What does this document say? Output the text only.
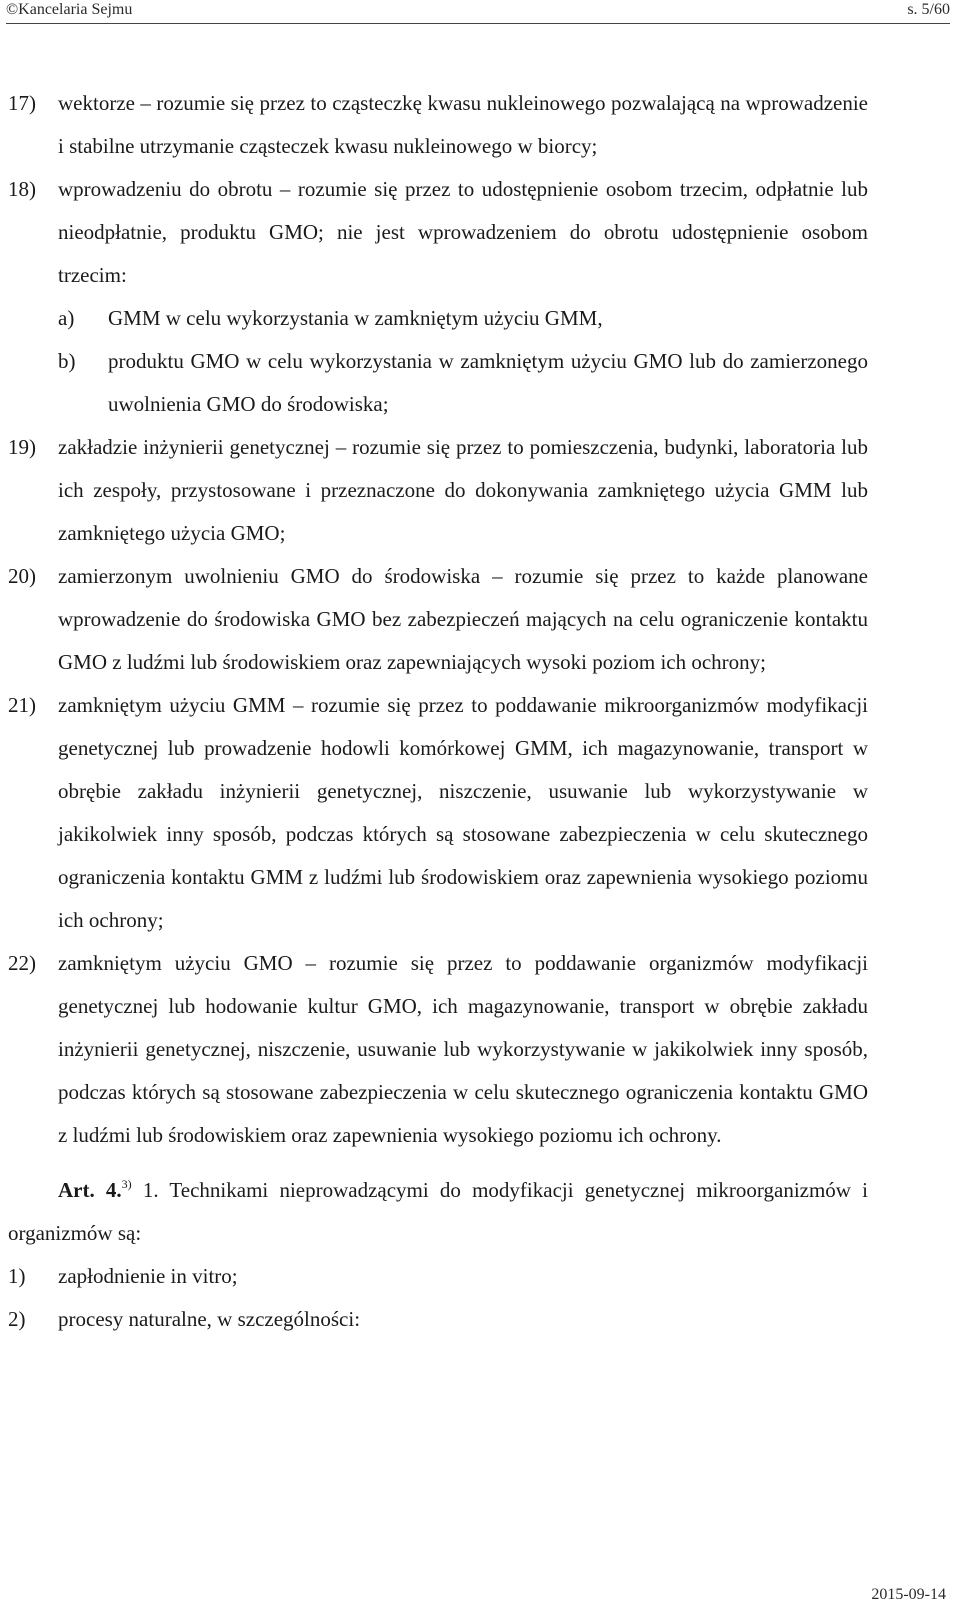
©Kancelaria Sejmu	s. 5/60
17) wektorze – rozumie się przez to cząsteczkę kwasu nukleinowego pozwalającą na wprowadzenie i stabilne utrzymanie cząsteczek kwasu nukleinowego w biorcy;
18) wprowadzeniu do obrotu – rozumie się przez to udostępnienie osobom trzecim, odpłatnie lub nieodpłatnie, produktu GMO; nie jest wprowadzeniem do obrotu udostępnienie osobom trzecim:
a) GMM w celu wykorzystania w zamkniętym użyciu GMM,
b) produktu GMO w celu wykorzystania w zamkniętym użyciu GMO lub do zamierzonego uwolnienia GMO do środowiska;
19) zakładzie inżynierii genetycznej – rozumie się przez to pomieszczenia, budynki, laboratoria lub ich zespoły, przystosowane i przeznaczone do dokonywania zamkniętego użycia GMM lub zamkniętego użycia GMO;
20) zamierzonym uwolnieniu GMO do środowiska – rozumie się przez to każde planowane wprowadzenie do środowiska GMO bez zabezpieczeń mających na celu ograniczenie kontaktu GMO z ludźmi lub środowiskiem oraz zapewniających wysoki poziom ich ochrony;
21) zamkniętym użyciu GMM – rozumie się przez to poddawanie mikroorganizmów modyfikacji genetycznej lub prowadzenie hodowli komórkowej GMM, ich magazynowanie, transport w obrębie zakładu inżynierii genetycznej, niszczenie, usuwanie lub wykorzystywanie w jakikolwiek inny sposób, podczas których są stosowane zabezpieczenia w celu skutecznego ograniczenia kontaktu GMM z ludźmi lub środowiskiem oraz zapewnienia wysokiego poziomu ich ochrony;
22) zamkniętym użyciu GMO – rozumie się przez to poddawanie organizmów modyfikacji genetycznej lub hodowanie kultur GMO, ich magazynowanie, transport w obrębie zakładu inżynierii genetycznej, niszczenie, usuwanie lub wykorzystywanie w jakikolwiek inny sposób, podczas których są stosowane zabezpieczenia w celu skutecznego ograniczenia kontaktu GMO z ludźmi lub środowiskiem oraz zapewnienia wysokiego poziomu ich ochrony.
Art. 4.$^{3)}$ 1. Technikami nieprowadzącymi do modyfikacji genetycznej mikroorganizmów i organizmów są:
1) zapłodnienie in vitro;
2) procesy naturalne, w szczególności:
2015-09-14
